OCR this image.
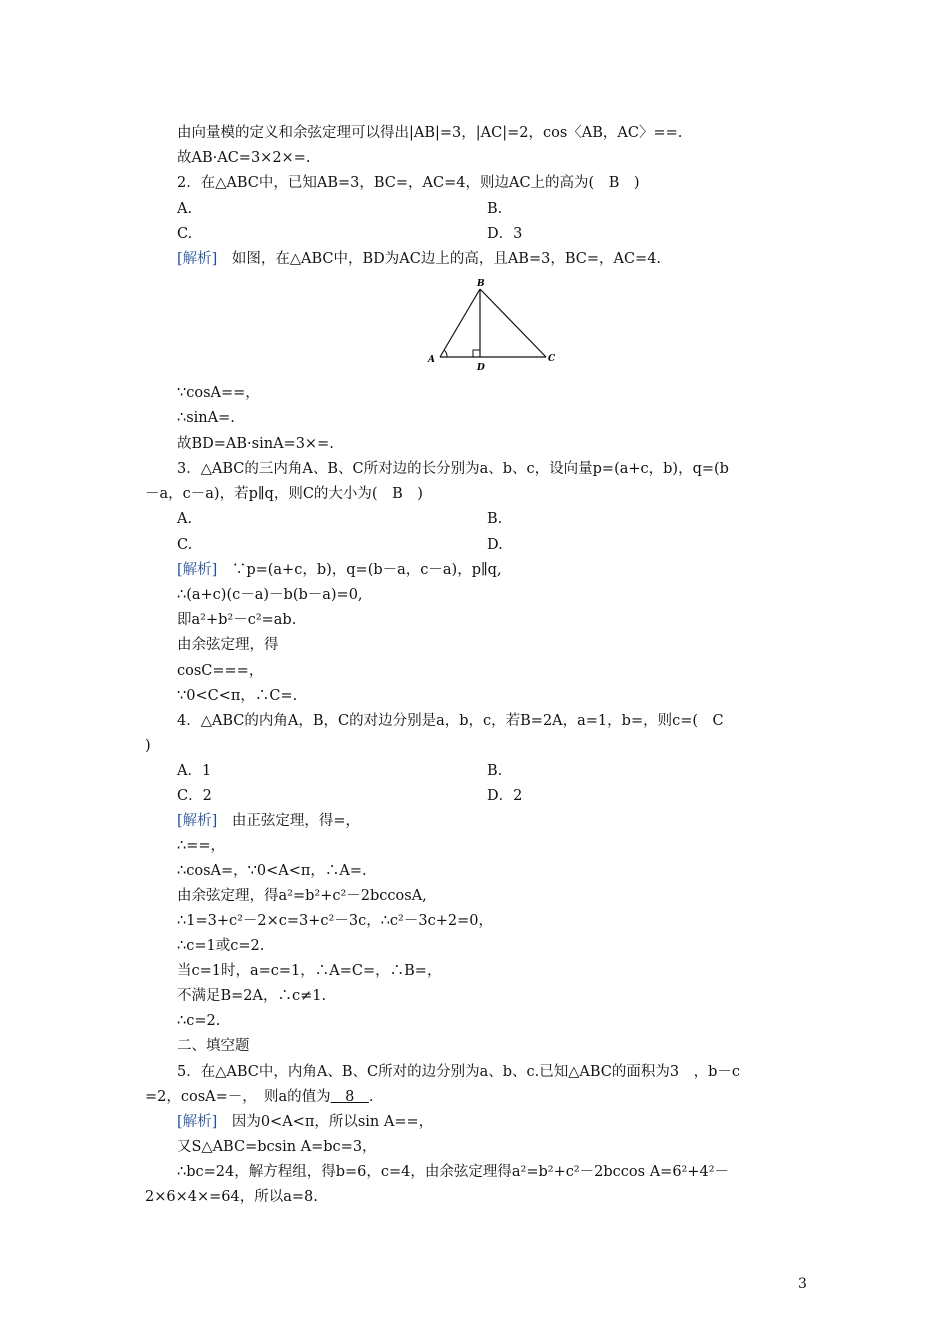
由向量模的定义和余弦定理可以得出|AB|=3，|AC|=2，cos〈AB，AC〉==.
故AB·AC=3×2×=.
2．在△ABC中，已知AB=3，BC=，AC=4，则边AC上的高为(　B　)
A.	B.
C.	D．3
[解析]　如图，在△ABC中，BD为AC边上的高，且AB=3，BC=，AC=4.
B
A	C
D
∵cosA==，
∴sinA=.
故BD=AB·sinA=3×=.
3．△ABC的三内角A、B、C所对边的长分别为a、b、c，设向量p=(a+c，b)，q=(b
－a，c－a)，若p∥q，则C的大小为(　B　)
A.	B.
C.	D.
[解析]　∵p=(a+c，b)，q=(b－a，c－a)，p∥q,
∴(a+c)(c－a)－b(b－a)=0,
即a²+b²－c²=ab.
由余弦定理，得
cosC===，
∵0<C<π，∴C=.
4．△ABC的内角A，B，C的对边分别是a，b，c，若B=2A，a=1，b=，则c=(　C
)
A．1	B.
C．2	D．2
[解析]　由正弦定理，得=，
∴==，
∴cosA=，∵0<A<π，∴A=.
由余弦定理，得a²=b²+c²－2bccosA,
∴1=3+c²－2×c=3+c²－3c，∴c²－3c+2=0，
∴c=1或c=2.
当c=1时，a=c=1，∴A=C=，∴B=，
不满足B=2A，∴c≠1.
∴c=2.
二、填空题
5．在△ABC中，内角A、B、C所对的边分别为a、b、c.已知△ABC的面积为3　，b－c
=2，cosA=－，　则a的值为　8　.
[解析]　因为0<A<π，所以sin A==，
又S△ABC=bcsin A=bc=3，
∴bc=24，解方程组，得b=6，c=4，由余弦定理得a²=b²+c²－2bccos A=6²+4²－
2×6×4×=64，所以a=8.
3
